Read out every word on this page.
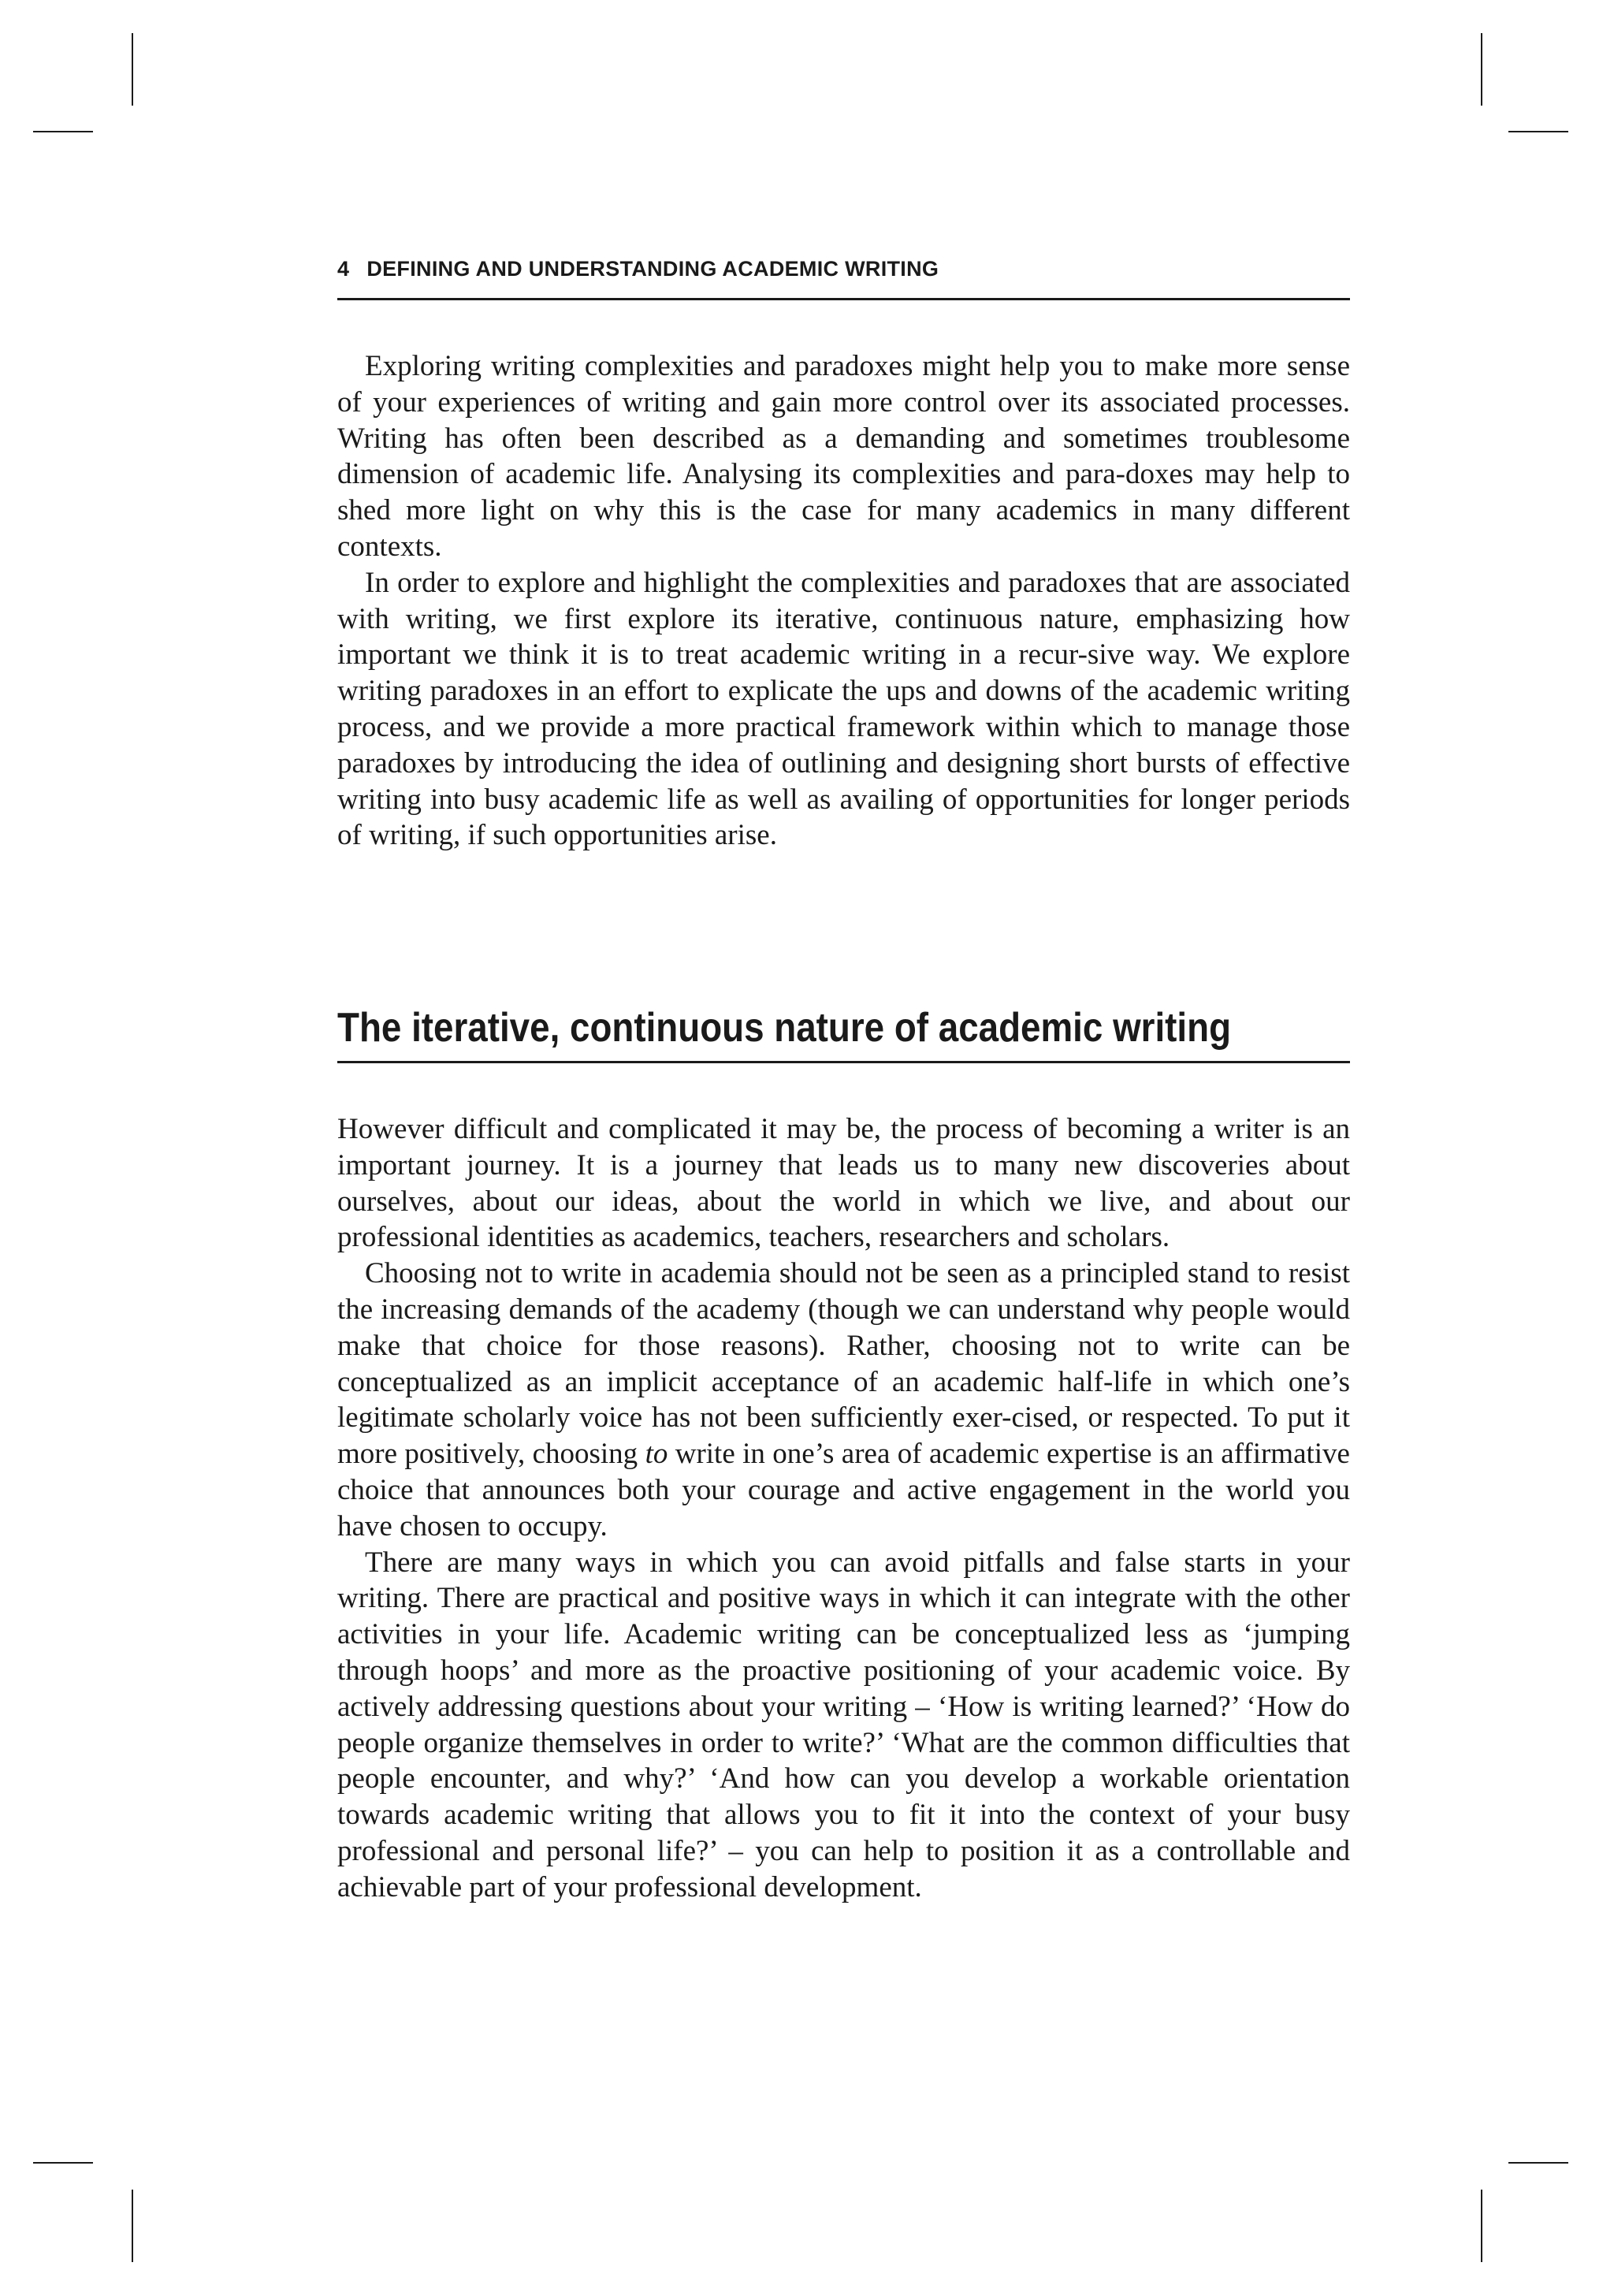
4 DEFINING AND UNDERSTANDING ACADEMIC WRITING

Exploring writing complexities and paradoxes might help you to make more sense of your experiences of writing and gain more control over its associated processes. Writing has often been described as a demanding and sometimes troublesome dimension of academic life. Analysing its complexities and para-doxes may help to shed more light on why this is the case for many academics in many different contexts.

In order to explore and highlight the complexities and paradoxes that are associated with writing, we first explore its iterative, continuous nature, emphasizing how important we think it is to treat academic writing in a recur-sive way. We explore writing paradoxes in an effort to explicate the ups and downs of the academic writing process, and we provide a more practical framework within which to manage those paradoxes by introducing the idea of outlining and designing short bursts of effective writing into busy academic life as well as availing of opportunities for longer periods of writing, if such opportunities arise.

The iterative, continuous nature of academic writing

However difficult and complicated it may be, the process of becoming a writer is an important journey. It is a journey that leads us to many new discoveries about ourselves, about our ideas, about the world in which we live, and about our professional identities as academics, teachers, researchers and scholars.

Choosing not to write in academia should not be seen as a principled stand to resist the increasing demands of the academy (though we can understand why people would make that choice for those reasons). Rather, choosing not to write can be conceptualized as an implicit acceptance of an academic half-life in which one’s legitimate scholarly voice has not been sufficiently exer-cised, or respected. To put it more positively, choosing to write in one’s area of academic expertise is an affirmative choice that announces both your courage and active engagement in the world you have chosen to occupy.

There are many ways in which you can avoid pitfalls and false starts in your writing. There are practical and positive ways in which it can integrate with the other activities in your life. Academic writing can be conceptualized less as ‘jumping through hoops’ and more as the proactive positioning of your academic voice. By actively addressing questions about your writing – ‘How is writing learned?’ ‘How do people organize themselves in order to write?’ ‘What are the common difficulties that people encounter, and why?’ ‘And how can you develop a workable orientation towards academic writing that allows you to fit it into the context of your busy professional and personal life?’ – you can help to position it as a controllable and achievable part of your professional development.
